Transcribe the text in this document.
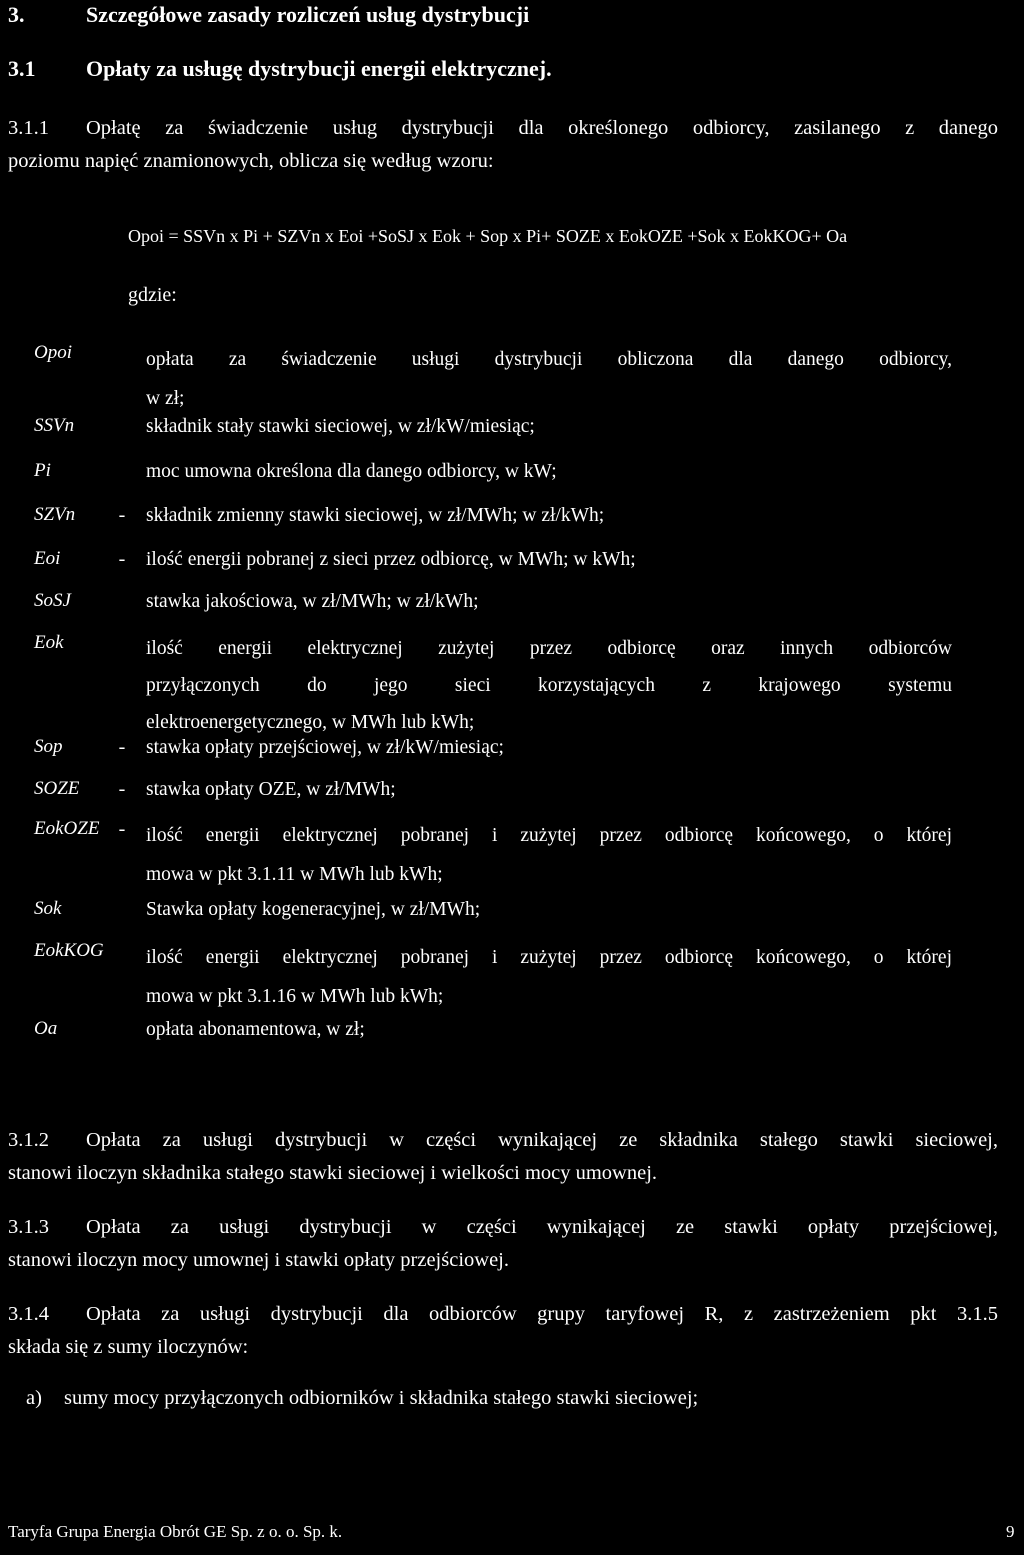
3.	Szczegółowe zasady rozliczeń usług dystrybucji
3.1 Opłaty za usługę dystrybucji energii elektrycznej.
3.1.1 Opłatę za świadczenie usług dystrybucji dla określonego odbiorcy, zasilanego z danego
poziomu napięć znamionowych, oblicza się według wzoru:
Opoi = SSVn x Pi + SZVn x Eoi +SoSJ x Eok + Sop x Pi+ SOZE x EokOZE +Sok x EokKOG+ Oa
gdzie:
Opoi	opłata za świadczenie usługi dystrybucji obliczona dla danego odbiorcy,
w zł;
SSVn	składnik stały stawki sieciowej, w zł/kW/miesiąc;
Pi	moc umowna określona dla danego odbiorcy, w kW;
SZVn	- składnik zmienny stawki sieciowej, w zł/MWh; w zł/kWh;
Eoi	- ilość energii pobranej z sieci przez odbiorcę, w MWh; w kWh;
SoSJ	stawka jakościowa, w zł/MWh; w zł/kWh;
Eok	ilość energii elektrycznej zużytej przez odbiorcę oraz innych odbiorców
przyłączonych do jego sieci korzystających z krajowego systemu
elektroenergetycznego, w MWh lub kWh;
Sop	- stawka opłaty przejściowej, w zł/kW/miesiąc;
SOZE	- stawka opłaty OZE, w zł/MWh;
EokOZE - ilość energii elektrycznej pobranej i zużytej przez odbiorcę końcowego, o której
mowa w pkt 3.1.11 w MWh lub kWh;
Sok	Stawka opłaty kogeneracyjnej, w zł/MWh;
EokKOG	ilość energii elektrycznej pobranej i zużytej przez odbiorcę końcowego, o której
mowa w pkt 3.1.16 w MWh lub kWh;
Oa	opłata abonamentowa, w zł;
3.1.2 Opłata za usługi dystrybucji w części wynikającej ze składnika stałego stawki sieciowej,
stanowi iloczyn składnika stałego stawki sieciowej i wielkości mocy umownej.
3.1.3 Opłata za usługi dystrybucji w części wynikającej ze stawki opłaty przejściowej,
stanowi iloczyn mocy umownej i stawki opłaty przejściowej.
3.1.4 Opłata za usługi dystrybucji dla odbiorców grupy taryfowej R, z zastrzeżeniem pkt 3.1.5
składa się z sumy iloczynów:
a) sumy mocy przyłączonych odbiorników i składnika stałego stawki sieciowej;
Taryfa Grupa Energia Obrót GE Sp. z o. o. Sp. k.	9
